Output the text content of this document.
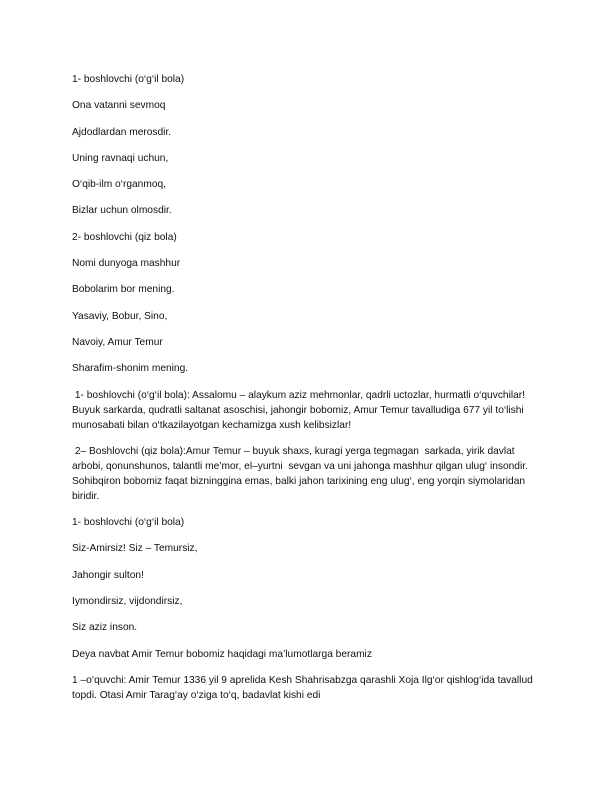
1- boshlovchi (o‘g‘il bola)

Ona vatanni sevmoq

Ajdodlardan merosdir.

Uning ravnaqi uchun,

O‘qib-ilm o‘rganmoq,

Bizlar uchun olmosdir.

2- boshlovchi (qiz bola)

Nomi dunyoga mashhur

Bobolarim bor mening.

Yasaviy, Bobur, Sino,

Navoiy, Amur Temur

Sharafim-shonim mening.

1- boshlovchi (o‘g‘il bola): Assalomu – alaykum aziz mehmonlar, qadrli uctozlar, hurmatli o‘quvchilar! Buyuk sarkarda, qudratli saltanat asoschisi, jahongir bobomiz, Amur Temur tavalludiga 677 yil to‘lishi munosabati bilan o‘tkazilayotgan kechamizga xush kelibsizlar!

2– Boshlovchi (qiz bola):Amur Temur – buyuk shaxs, kuragi yerga tegmagan  sarkada, yirik davlat arbobi, qonunshunos, talantli me’mor, el–yurtni  sevgan va uni jahonga mashhur qilgan ulug‘ insondir. Sohibqiron bobomiz faqat bizninggina emas, balki jahon tarixining eng ulug‘, eng yorqin siymolaridan biridir.

1- boshlovchi (o‘g‘il bola)

Siz-Amirsiz! Siz – Temursiz,

Jahongir sulton!

Iymondirsiz, vijdondirsiz,

Siz aziz inson.

Deya navbat Amir Temur bobomiz haqidagi ma’lumotlarga beramiz

1 –o‘quvchi: Amir Temur 1336 yil 9 aprelida Kesh Shahrisabzga qarashli Xoja Ilg‘or qishlog‘ida tavallud topdi. Otasi Amir Tarag‘ay o‘ziga to‘q, badavlat kishi edi
